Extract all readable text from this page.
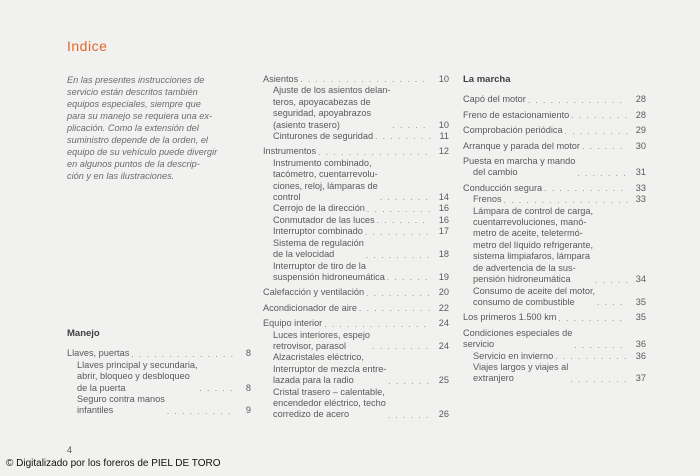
Indice
En las presentes instrucciones de
servicio están descritos también
equipos especiales, siempre que
para su manejo se requiera una ex-
plicación. Como la extensión del
suministro depende de la orden, el
equipo de su vehículo puede divergir
en algunos puntos de la descrip-
ción y en las ilustraciones.
Manejo
Llaves, puertas . . .	8
Llaves principal y secundaria,
abrir, bloqueo y desbloqueo
de la puerta . . .	8
Seguro contra manos
infantiles . . .	9
Asientos . . .	10
Ajuste de los asientos delan-
teros, apoyacabezas de
seguridad, apoyabrazos
(asiento trasero) . . .	10
Cinturones de seguridad . . .	11
Instrumentos . . .	12
Instrumento combinado,
tacómetro, cuentarrevolu-
ciones, reloj, lámparas de
control . . .	14
Cerrojo de la dirección . . .	16
Conmutador de las luces . . .	16
Interruptor combinado . . .	17
Sistema de regulación
de la velocidad . . .	18
Interruptor de tiro de la
suspensión hidroneumática . . .	19
Calefacción y ventilación . . .	20
Acondicionador de aire . . .	22
Equipo interior . . .	24
Luces interiores, espejo
retrovisor, parasol . . .	24
Alzacristales eléctrico,
Interruptor de mezcla entre-
lazada para la radio . . .	25
Cristal trasero – calentable,
encendedor eléctrico, techo
corredizo de acero . . .	26
La marcha
Capó del motor . . .	28
Freno de estacionamiento . . .	28
Comprobación periódica . . .	29
Arranque y parada del motor . . .	30
Puesta en marcha y mando
del cambio . . .	31
Conducción segura . . .	33
Frenos . . .	33
Lámpara de control de carga,
cuentarrevoluciones, manó-
metro de aceite, teletermó-
metro del líquido refrigerante,
sistema limpiafaros, lámpara
de advertencia de la sus-
pensión hidroneumática . . .	34
Consumo de aceite del motor,
consumo de combustible . . .	35
Los primeros 1.500 km . . .	35
Condiciones especiales de
servicio . . .	36
Servicio en invierno . . .	36
Viajes largos y viajes al
extranjero . . .	37
4
© Digitalizado por los foreros de PIEL DE TORO
